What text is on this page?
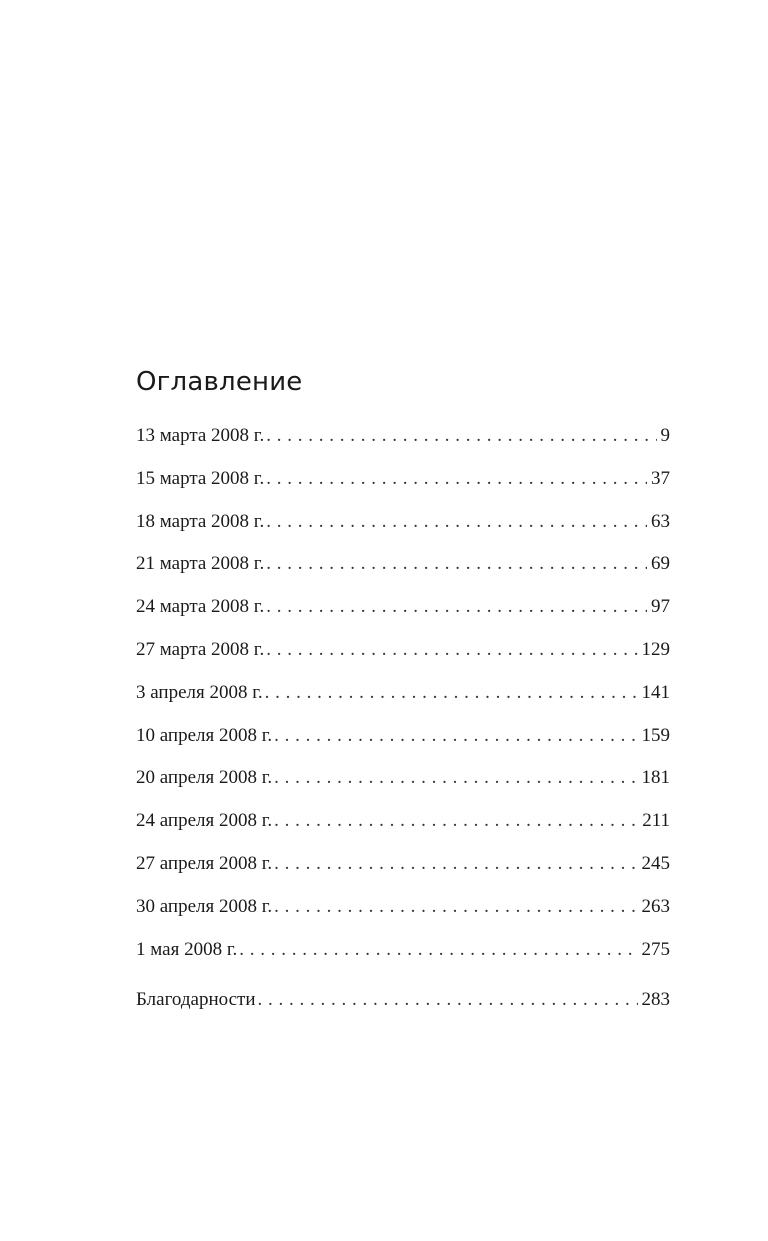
Оглавление
13 марта 2008 г. . . .	9
15 марта 2008 г. . . .	37
18 марта 2008 г. . . .	63
21 марта 2008 г. . . .	69
24 марта 2008 г. . . .	97
27 марта 2008 г. . . .	129
3 апреля 2008 г. . . .	141
10 апреля 2008 г. . . .	159
20 апреля 2008 г. . . .	181
24 апреля 2008 г. . . .	211
27 апреля 2008 г. . . .	245
30 апреля 2008 г. . . .	263
1 мая 2008 г. . . .	275
Благодарности . . .	283
